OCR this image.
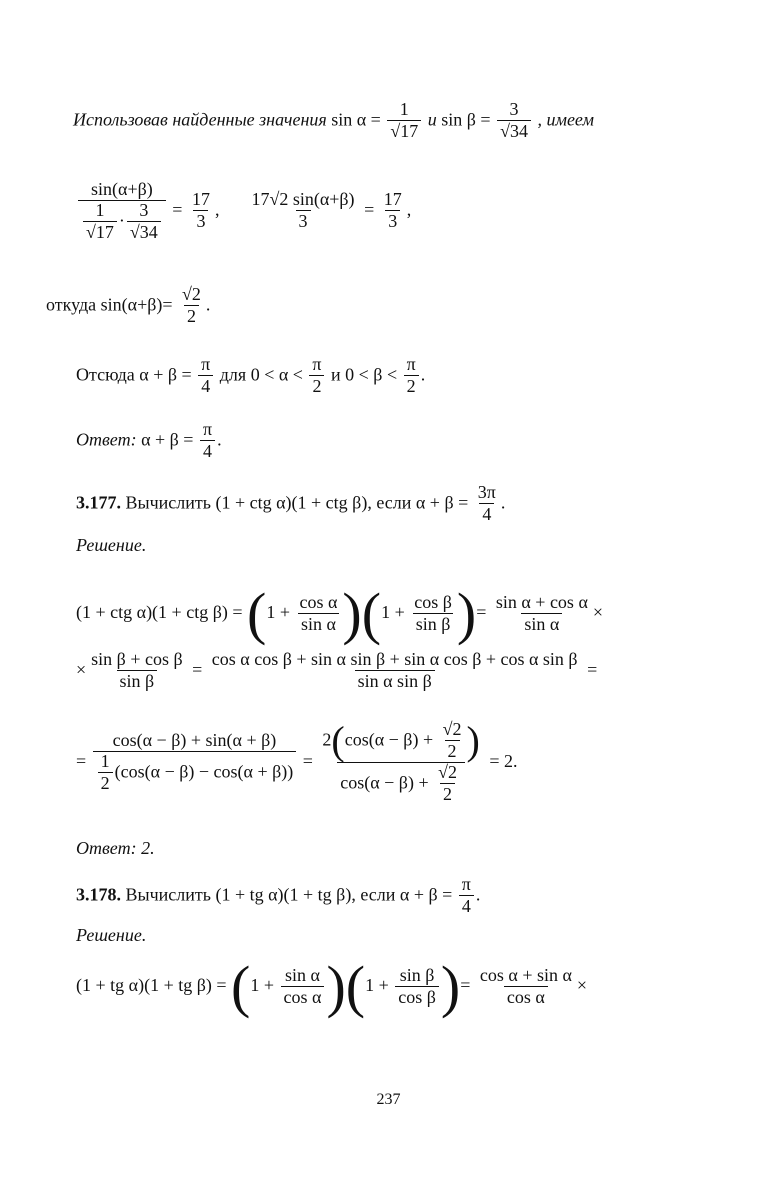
Использовав найденные значения $\sin \alpha = \frac{1}{√17}$ и $\sin \beta = \frac{3}{√34}$ , имеем
$\frac{\sin(\alpha+\beta)}{\frac{1}{√17} \cdot \frac{3}{√34}} = \frac{17}{3}$ , $\frac{17√2 \sin(\alpha+\beta)}{3} = \frac{17}{3}$ ,
откуда $\sin(\alpha+\beta)= \frac{√2}{2}$ .
Отсюда $\alpha + \beta = \frac{\pi}{4}$ для $0 < \alpha < \frac{\pi}{2}$ и $0 < \beta < \frac{\pi}{2}$ .
Ответ: $\alpha + \beta = \frac{\pi}{4}$ .
3.177. Вычислить (1 + ctg α)(1 + ctg β), если $\alpha + \beta = \frac{3\pi}{4}$ .
Решение.
(1 + ctg α)(1 + ctg $\beta) = (1 + \frac{\text{cos α}}{\text{sin α}} )(1 + \frac{\text{cos β}}{\text{sin β}}$ )= $\frac{\text{sin α + cos α}}{\text{sin α}}$ ×
× $\frac{\text{sin β + cos β}}{\text{sin β}} = \frac{\text{cos α cos β + sin α sin β + sin α cos β + cos α sin β}}{\text{sin α sin β}}$ =
= $\frac{\cos(\alpha - \beta) + \sin(\alpha + \beta)}{\frac{1}{2} (\cos(\alpha - \beta) - \cos(\alpha + \beta))} = \frac{2(\cos(\alpha - \beta) + \frac{√2}{2} )}{\cos(\alpha - \beta) + \frac{√2}{2}} = 2$.
Ответ: 2.
3.178. Вычислить (1 + tg α)(1 + tg β), если $\alpha + \beta = \frac{\pi}{4}$ .
Решение.
(1 + tg α)(1 + tg $\beta) = (1 + \frac{\text{sin α}}{\text{cos α}} )(1 + \frac{\text{sin β}}{\text{cos β}}$ )= $\frac{\text{cos α + sin α}}{\text{cos α}}$ ×
237
